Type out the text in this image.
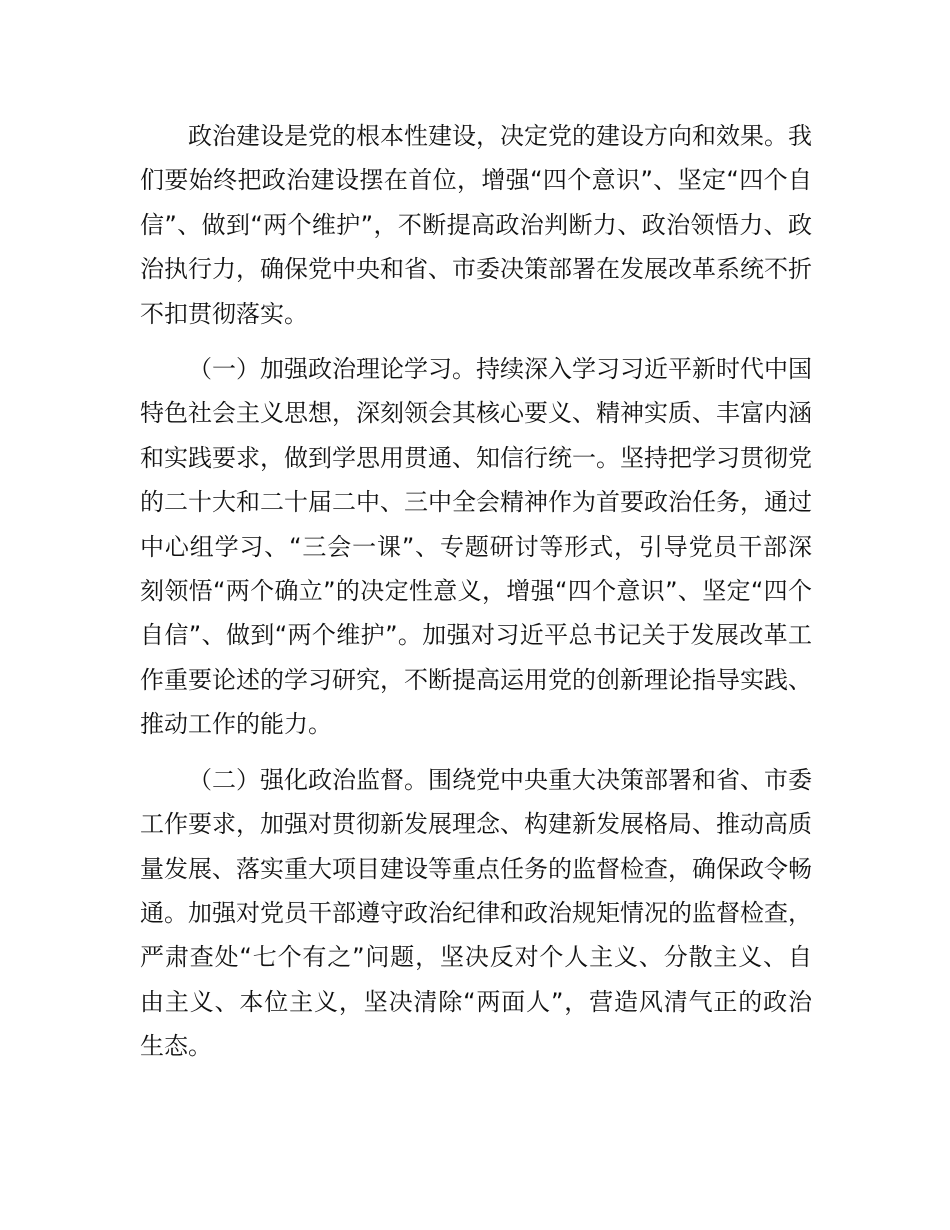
政治建设是党的根本性建设，决定党的建设方向和效果。我们要始终把政治建设摆在首位，增强“四个意识”、坚定“四个自信”、做到“两个维护”，不断提高政治判断力、政治领悟力、政治执行力，确保党中央和省、市委决策部署在发展改革系统不折不扣贯彻落实。

（一）加强政治理论学习。持续深入学习习近平新时代中国特色社会主义思想，深刻领会其核心要义、精神实质、丰富内涵和实践要求，做到学思用贯通、知信行统一。坚持把学习贯彻党的二十大和二十届二中、三中全会精神作为首要政治任务，通过中心组学习、“三会一课”、专题研讨等形式，引导党员干部深刻领悟“两个确立”的决定性意义，增强“四个意识”、坚定“四个自信”、做到“两个维护”。加强对习近平总书记关于发展改革工作重要论述的学习研究，不断提高运用党的创新理论指导实践、推动工作的能力。

（二）强化政治监督。围绕党中央重大决策部署和省、市委工作要求，加强对贯彻新发展理念、构建新发展格局、推动高质量发展、落实重大项目建设等重点任务的监督检查，确保政令畅通。加强对党员干部遵守政治纪律和政治规矩情况的监督检查，严肃查处“七个有之”问题，坚决反对个人主义、分散主义、自由主义、本位主义，坚决清除“两面人”，营造风清气正的政治生态。
